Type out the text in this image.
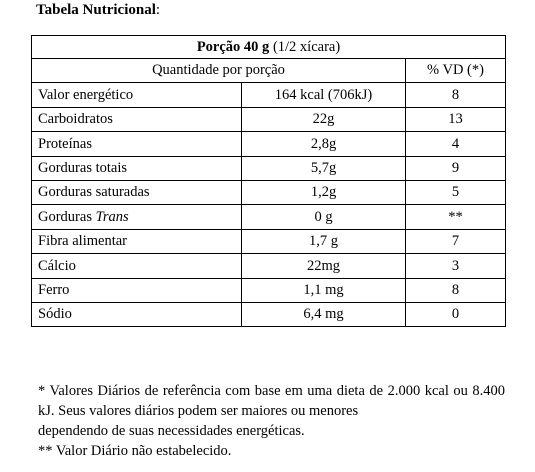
Tabela Nutricional:
Porção 40 g (1/2 xícara)		
Quantidade por porção		% VD (*)
Valor energético	164 kcal (706kJ)	8
Carboidratos	22g	13
Proteínas	2,8g	4
Gorduras totais	5,7g	9
Gorduras saturadas	1,2g	5
Gorduras Trans	0 g	**
Fibra alimentar	1,7 g	7
Cálcio	22mg	3
Ferro	1,1 mg	8
Sódio	6,4 mg	0

* Valores Diários de referência com base em uma dieta de 2.000 kcal ou 8.400 kJ. Seus valores diários podem ser maiores ou menores
dependendo de suas necessidades energéticas.

** Valor Diário não estabelecido.
